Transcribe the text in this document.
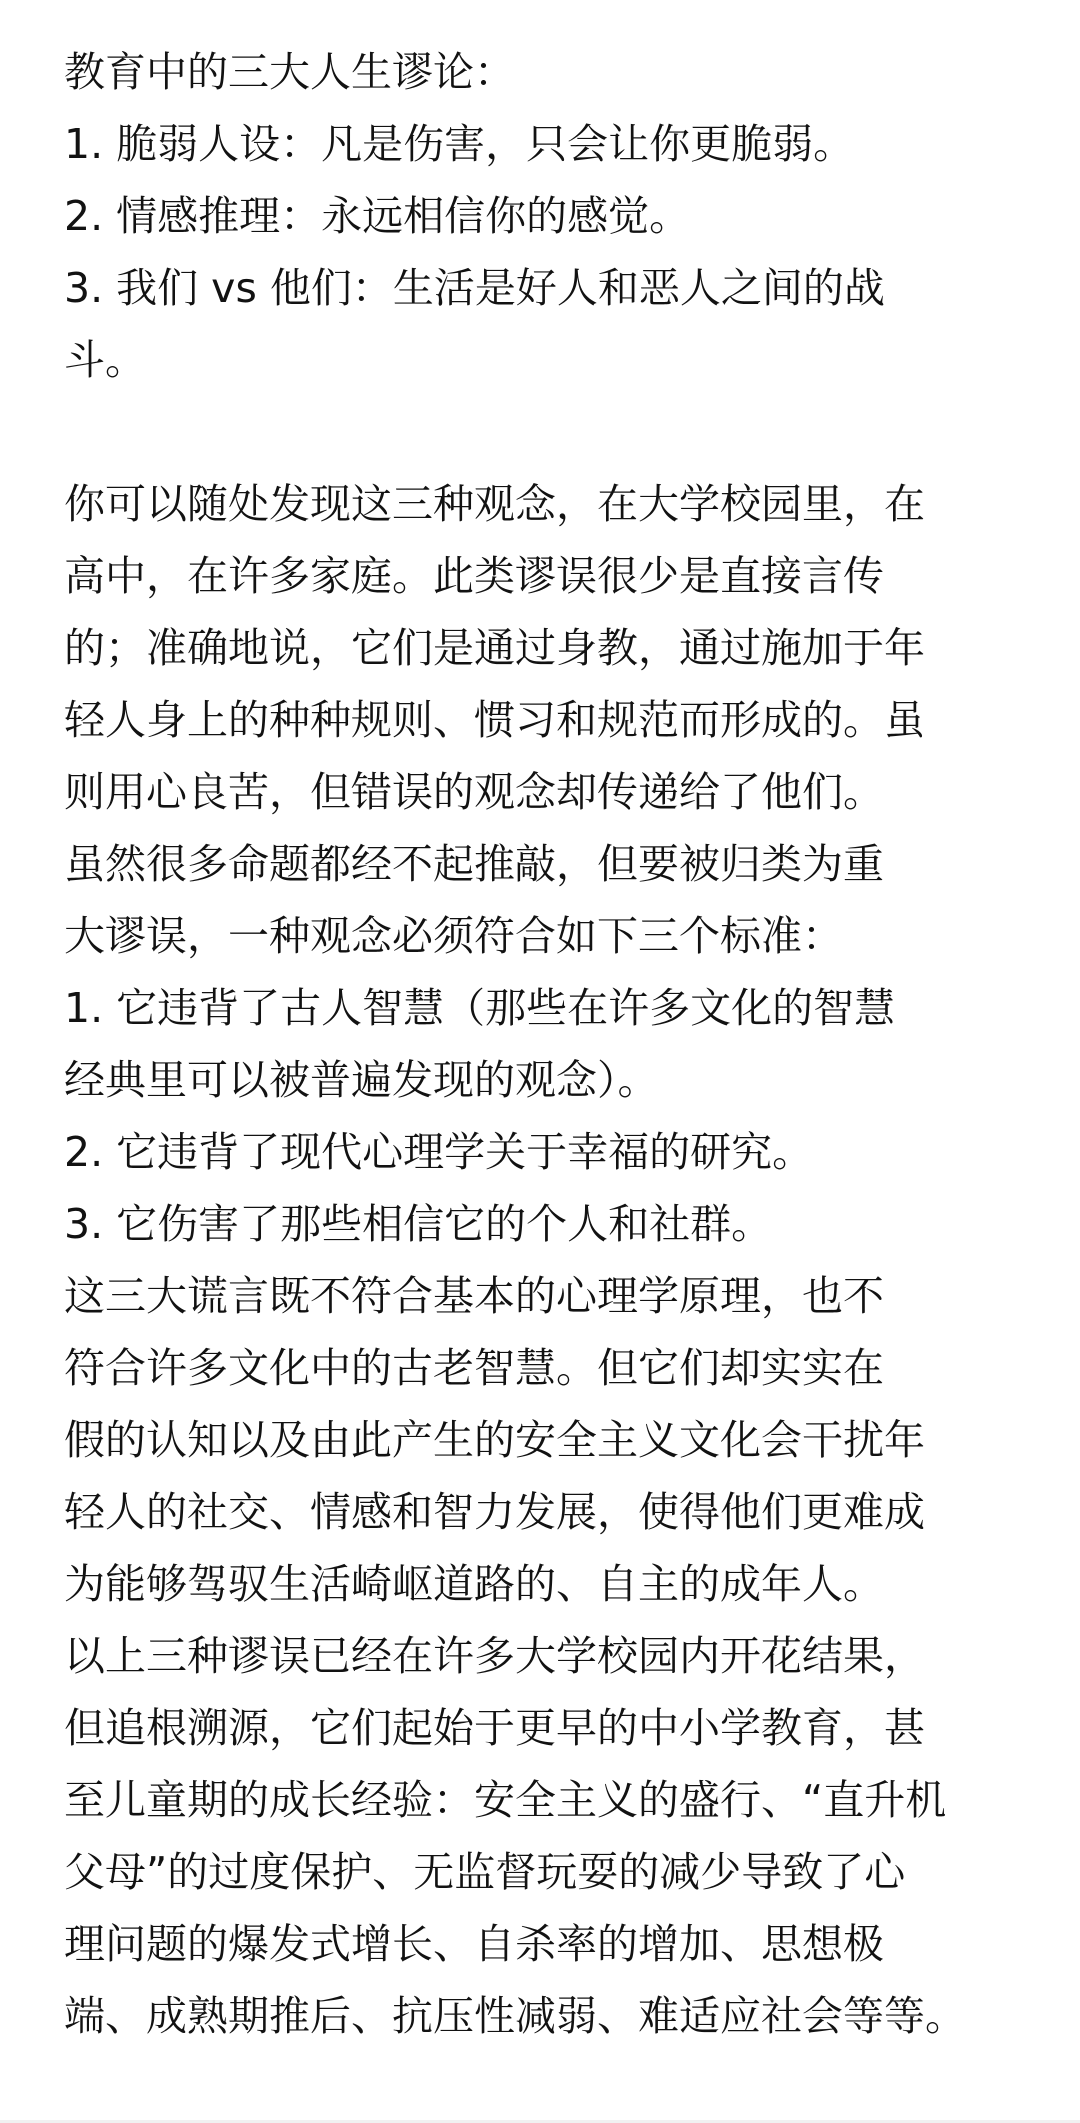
教育中的三大人生谬论：
1. 脆弱人设：凡是伤害，只会让你更脆弱。
2. 情感推理：永远相信你的感觉。
3. 我们 vs 他们：生活是好人和恶人之间的战
斗。
你可以随处发现这三种观念，在大学校园里，在
高中，在许多家庭。此类谬误很少是直接言传
的；准确地说，它们是通过身教，通过施加于年
轻人身上的种种规则、惯习和规范而形成的。虽
则用心良苦，但错误的观念却传递给了他们。
虽然很多命题都经不起推敲，但要被归类为重
大谬误，一种观念必须符合如下三个标准：
1. 它违背了古人智慧（那些在许多文化的智慧
经典里可以被普遍发现的观念）。
2. 它违背了现代心理学关于幸福的研究。
3. 它伤害了那些相信它的个人和社群。
这三大谎言既不符合基本的心理学原理，也不
符合许多文化中的古老智慧。但它们却实实在
假的认知以及由此产生的安全主义文化会干扰年
轻人的社交、情感和智力发展，使得他们更难成
为能够驾驭生活崎岖道路的、自主的成年人。
以上三种谬误已经在许多大学校园内开花结果，
但追根溯源，它们起始于更早的中小学教育，甚
至儿童期的成长经验：安全主义的盛行、“直升机
父母”的过度保护、无监督玩耍的减少导致了心
理问题的爆发式增长、自杀率的增加、思想极
端、成熟期推后、抗压性减弱、难适应社会等等。
